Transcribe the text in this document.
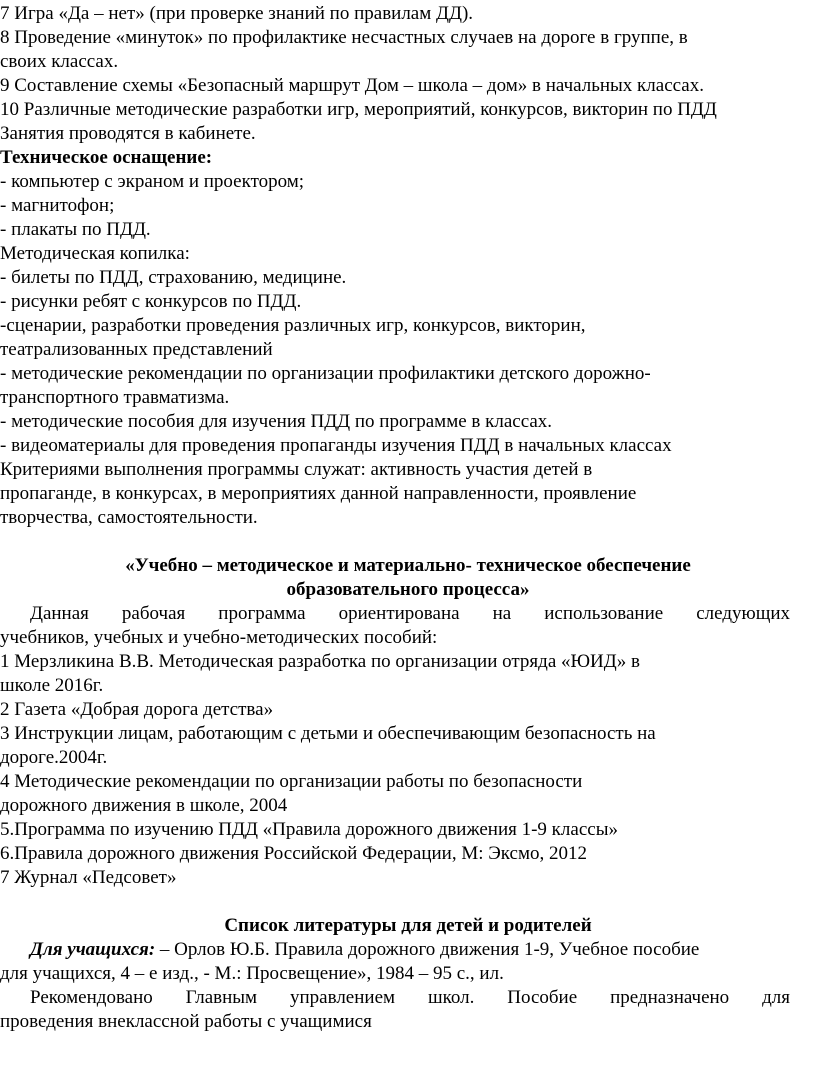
7 Игра «Да – нет» (при проверке знаний по правилам ДД).
8 Проведение «минуток» по профилактике несчастных случаев на дороге в группе, в
своих классах.
9 Составление схемы «Безопасный маршрут Дом – школа – дом» в начальных классах.
10 Различные методические разработки игр, мероприятий, конкурсов, викторин по ПДД
Занятия проводятся в кабинете.
Техническое оснащение:
- компьютер с экраном и проектором;
- магнитофон;
- плакаты по ПДД.
Методическая копилка:
- билеты по ПДД, страхованию, медицине.
- рисунки ребят с конкурсов по ПДД.
-сценарии, разработки проведения различных игр, конкурсов, викторин,
театрализованных представлений
- методические рекомендации по организации профилактики детского дорожно-
транспортного травматизма.
- методические пособия для изучения ПДД по программе в классах.
- видеоматериалы для проведения пропаганды изучения ПДД в начальных классах
Критериями выполнения программы служат: активность участия детей в
пропаганде, в конкурсах, в мероприятиях данной направленности, проявление
творчества, самостоятельности.
«Учебно – методическое и материально- техническое обеспечение
образовательного процесса»
Данная рабочая программа ориентирована на использование следующих
учебников, учебных и учебно-методических пособий:
1 Мерзликина В.В. Методическая разработка по организации отряда «ЮИД» в
школе 2016г.
2 Газета «Добрая дорога детства»
3 Инструкции лицам, работающим с детьми и обеспечивающим безопасность на
дороге.2004г.
4 Методические рекомендации по организации работы по безопасности
дорожного движения в школе, 2004
5.Программа по изучению ПДД «Правила дорожного движения 1-9 классы»
6.Правила дорожного движения Российской Федерации, М: Эксмо, 2012
7 Журнал «Педсовет»
Список литературы для детей и родителей
Для учащихся: – Орлов Ю.Б. Правила дорожного движения 1-9, Учебное пособие
для учащихся, 4 – е изд., - М.: Просвещение», 1984 – 95 с., ил.
Рекомендовано Главным управлением школ. Пособие предназначено для
проведения внеклассной работы с учащимися
